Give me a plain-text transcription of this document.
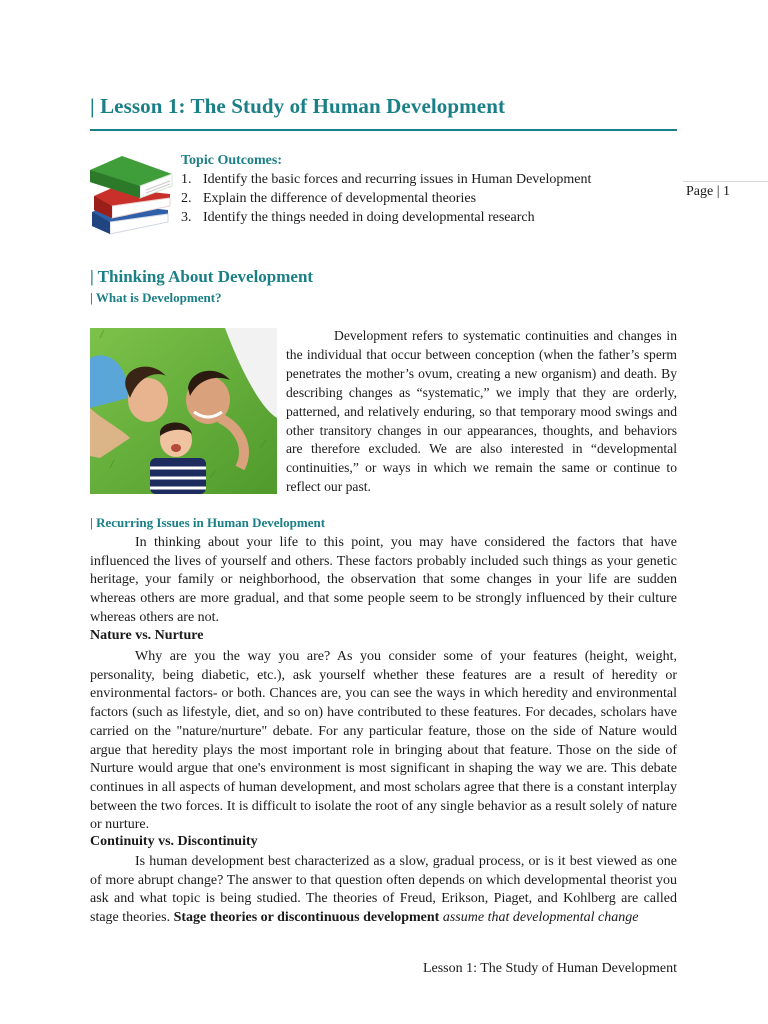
| Lesson 1: The Study of Human Development
Topic Outcomes:
1. Identify the basic forces and recurring issues in Human Development
2. Explain the difference of developmental theories
3. Identify the things needed in doing developmental research
Page | 1
| Thinking About Development
| What is Development?

Development refers to systematic continuities and changes in the individual that occur between conception (when the father’s sperm penetrates the mother’s ovum, creating a new organism) and death. By describing changes as “systematic,” we imply that they are orderly, patterned, and relatively enduring, so that temporary mood swings and other transitory changes in our appearances, thoughts, and behaviors are therefore excluded. We are also interested in “developmental continuities,” or ways in which we remain the same or continue to reflect our past.

| Recurring Issues in Human Development

In thinking about your life to this point, you may have considered the factors that have influenced the lives of yourself and others. These factors probably included such things as your genetic heritage, your family or neighborhood, the observation that some changes in your life are sudden whereas others are more gradual, and that some people seem to be strongly influenced by their culture whereas others are not.

Nature vs. Nurture

Why are you the way you are? As you consider some of your features (height, weight, personality, being diabetic, etc.), ask yourself whether these features are a result of heredity or environmental factors- or both. Chances are, you can see the ways in which heredity and environmental factors (such as lifestyle, diet, and so on) have contributed to these features. For decades, scholars have carried on the "nature/nurture" debate. For any particular feature, those on the side of Nature would argue that heredity plays the most important role in bringing about that feature. Those on the side of Nurture would argue that one's environment is most significant in shaping the way we are. This debate continues in all aspects of human development, and most scholars agree that there is a constant interplay between the two forces. It is difficult to isolate the root of any single behavior as a result solely of nature or nurture.

Continuity vs. Discontinuity

Is human development best characterized as a slow, gradual process, or is it best viewed as one of more abrupt change? The answer to that question often depends on which developmental theorist you ask and what topic is being studied. The theories of Freud, Erikson, Piaget, and Kohlberg are called stage theories. Stage theories or discontinuous development assume that developmental change

Lesson 1: The Study of Human Development
